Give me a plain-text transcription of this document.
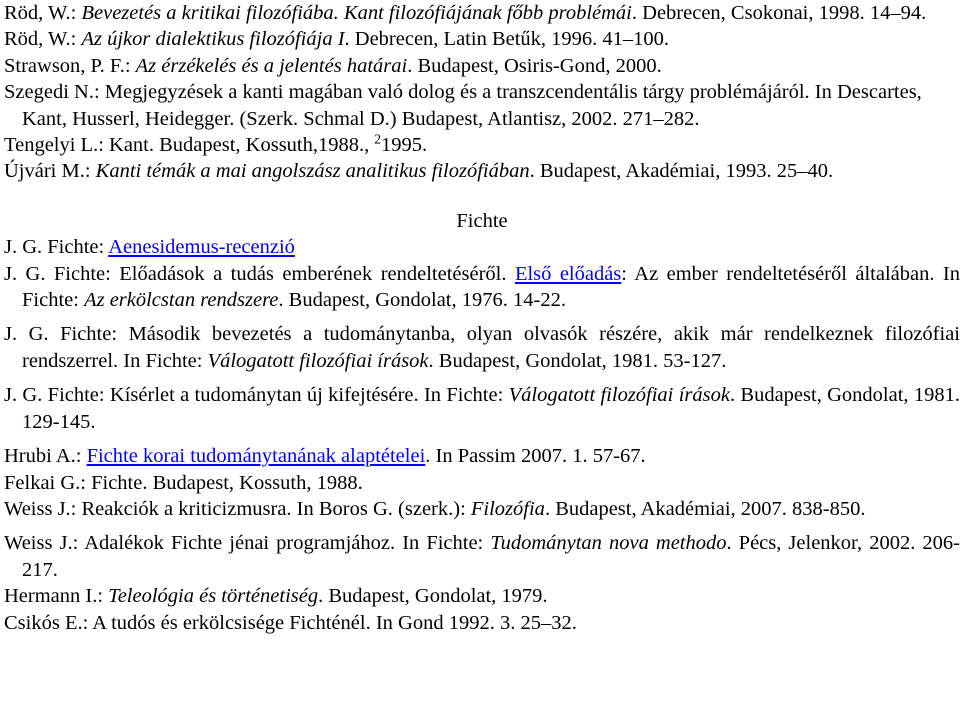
Röd, W.: Bevezetés a kritikai filozófiába. Kant filozófiájának főbb problémái. Debrecen, Csokonai, 1998. 14–94.

Röd, W.: Az újkor dialektikus filozófiája I. Debrecen, Latin Betűk, 1996. 41–100.

Strawson, P. F.: Az érzékelés és a jelentés határai. Budapest, Osiris-Gond, 2000.

Szegedi N.: Megjegyzések a kanti magában való dolog és a transzcendentális tárgy problémájáról. In Descartes, Kant, Husserl, Heidegger. (Szerk. Schmal D.) Budapest, Atlantisz, 2002. 271–282.

Tengelyi L.: Kant. Budapest, Kossuth,1988., $^2$1995.

Újvári M.: Kanti témák a mai angolszász analitikus filozófiában. Budapest, Akadémiai, 1993. 25–40.

Fichte

J. G. Fichte: Aenesidemus-recenzió

J. G. Fichte: Előadások a tudás emberének rendeltetéséről. Első előadás: Az ember rendeltetéséről általában. In Fichte: Az erkölcstan rendszere. Budapest, Gondolat, 1976. 14-22.

J. G. Fichte: Második bevezetés a tudománytanba, olyan olvasók részére, akik már rendelkeznek filozófiai rendszerrel. In Fichte: Válogatott filozófiai írások. Budapest, Gondolat, 1981. 53-127.

J. G. Fichte: Kísérlet a tudománytan új kifejtésére. In Fichte: Válogatott filozófiai írások. Budapest, Gondolat, 1981. 129-145.

Hrubi A.: Fichte korai tudománytanának alaptételei. In Passim 2007. 1. 57-67.

Felkai G.: Fichte. Budapest, Kossuth, 1988.

Weiss J.: Reakciók a kriticizmusra. In Boros G. (szerk.): Filozófia. Budapest, Akadémiai, 2007. 838-850.

Weiss J.: Adalékok Fichte jénai programjához. In Fichte: Tudománytan nova methodo. Pécs, Jelenkor, 2002. 206-217.

Hermann I.: Teleológia és történetiség. Budapest, Gondolat, 1979.

Csikós E.: A tudós és erkölcsisége Fichténél. In Gond 1992. 3. 25–32.
